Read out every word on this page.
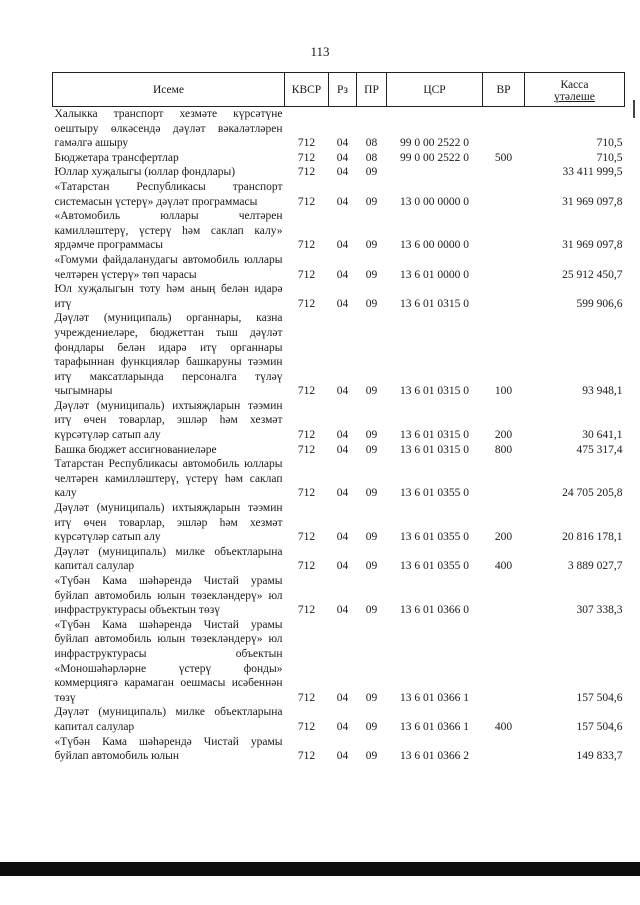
113
Исеме	КВСР	Рз	ПР	ЦСР	ВР	Касса
үтәлеше

Халыкка транспорт хезмәте күрсәтүне оештыру өлкәсендә дәүләт вәкаләтләрен гамәлгә ашыру	712	04	08	99 0 00 2522 0		710,5
Бюджетара трансфертлар	712	04	08	99 0 00 2522 0	500	710,5
Юллар хуҗалыгы (юллар фондлары)	712	04	09			33 411 999,5
«Татарстан Республикасы транспорт системасын үстерү» дәүләт программасы	712	04	09	13 0 00 0000 0		31 969 097,8
«Автомобиль юллары челтәрен камилләштерү, үстерү һәм саклап калу» ярдәмче программасы	712	04	09	13 6 00 0000 0		31 969 097,8
«Гомуми файдаланудагы автомобиль юллары челтәрен үстерү» төп чарасы	712	04	09	13 6 01 0000 0		25 912 450,7
Юл хуҗалыгын тоту һәм аның белән идарә итү	712	04	09	13 6 01 0315 0		599 906,6
Дәүләт (муниципаль) органнары, казна учреждениеләре, бюджеттан тыш дәүләт фондлары белән идарә итү органнары тарафыннан функцияләр башкаруны тәэмин итү максатларында персоналга түләү чыгымнары	712	04	09	13 6 01 0315 0	100	93 948,1
Дәүләт (муниципаль) ихтыяҗларын тәэмин итү өчен товарлар, эшләр һәм хезмәт күрсәтүләр сатып алу	712	04	09	13 6 01 0315 0	200	30 641,1
Башка бюджет ассигнованиеләре	712	04	09	13 6 01 0315 0	800	475 317,4
Татарстан Республикасы автомобиль юллары челтәрен камилләштерү, үстерү һәм саклап калу	712	04	09	13 6 01 0355 0		24 705 205,8
Дәүләт (муниципаль) ихтыяҗларын тәэмин итү өчен товарлар, эшләр һәм хезмәт күрсәтүләр сатып алу	712	04	09	13 6 01 0355 0	200	20 816 178,1
Дәүләт (муниципаль) милке объектларына капитал салулар	712	04	09	13 6 01 0355 0	400	3 889 027,7
«Түбән Кама шәһәрендә Чистай урамы буйлап автомобиль юлын төзекләндерү» юл инфраструктурасы объектын төзү	712	04	09	13 6 01 0366 0		307 338,3
«Түбән Кама шәһәрендә Чистай урамы буйлап автомобиль юлын төзекләндерү» юл инфраструктурасы объектын «Моношәһәрләрне үстерү фонды» коммерциягә карамаган оешмасы исәбеннән төзү	712	04	09	13 6 01 0366 1		157 504,6
Дәүләт (муниципаль) милке объектларына капитал салулар	712	04	09	13 6 01 0366 1	400	157 504,6
«Түбән Кама шәһәрендә Чистай урамы буйлап автомобиль юлын	712	04	09	13 6 01 0366 2		149 833,7
